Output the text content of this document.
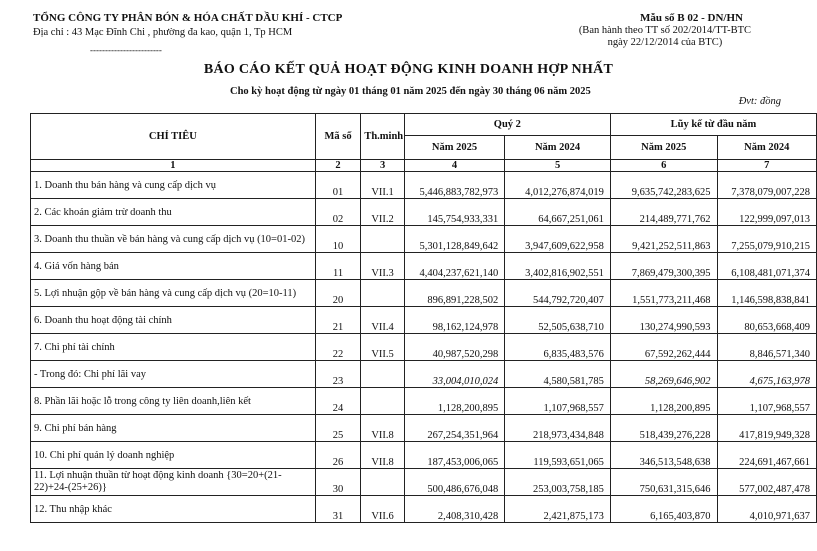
TỔNG CÔNG TY PHÂN BÓN & HÓA CHẤT DẦU KHÍ - CTCP
Địa chỉ : 43 Mạc Đĩnh Chi , phường đa kao, quận 1, Tp HCM
------------------------
Mẫu số B 02 - DN/HN
(Ban hành theo TT số 202/2014/TT-BTC
ngày 22/12/2014 của BTC)
BÁO CÁO KẾT QUẢ HOẠT ĐỘNG KINH DOANH HỢP NHẤT
Cho kỳ hoạt động từ ngày 01 tháng 01 năm 2025 đến ngày 30 tháng 06 năm 2025
Đvt: đồng
CHỈ TIÊU	Mã số	Th.minh	Quý 2		Lũy kế từ đầu năm	
			Năm 2025	Năm 2024	Năm 2025	Năm 2024
1	2	3	4	5	6	7
1. Doanh thu bán hàng và cung cấp dịch vụ	01	VII.1	5,446,883,782,973	4,012,276,874,019	9,635,742,283,625	7,378,079,007,228
2. Các khoản giảm trừ doanh thu	02	VII.2	145,754,933,331	64,667,251,061	214,489,771,762	122,999,097,013
3. Doanh thu thuần về bán hàng và cung cấp dịch vụ (10=01-02)	10		5,301,128,849,642	3,947,609,622,958	9,421,252,511,863	7,255,079,910,215
4. Giá vốn hàng bán	11	VII.3	4,404,237,621,140	3,402,816,902,551	7,869,479,300,395	6,108,481,071,374
5. Lợi nhuận gộp về bán hàng và cung cấp dịch vụ (20=10-11)	20		896,891,228,502	544,792,720,407	1,551,773,211,468	1,146,598,838,841
6. Doanh thu hoạt động tài chính	21	VII.4	98,162,124,978	52,505,638,710	130,274,990,593	80,653,668,409
7. Chi phí tài chính	22	VII.5	40,987,520,298	6,835,483,576	67,592,262,444	8,846,571,340
- Trong đó: Chi phí lãi vay	23		33,004,010,024	4,580,581,785	58,269,646,902	4,675,163,978
8. Phần lãi hoặc lỗ trong công ty liên doanh,liên kết	24		1,128,200,895	1,107,968,557	1,128,200,895	1,107,968,557
9. Chi phí bán hàng	25	VII.8	267,254,351,964	218,973,434,848	518,439,276,228	417,819,949,328
10. Chi phí quản lý doanh nghiệp	26	VII.8	187,453,006,065	119,593,651,065	346,513,548,638	224,691,467,661
11. Lợi nhuận thuần từ hoạt động kinh doanh {30=20+(21-22)+24-(25+26)}	30		500,486,676,048	253,003,758,185	750,631,315,646	577,002,487,478
12. Thu nhập khác	31	VII.6	2,408,310,428	2,421,875,173	6,165,403,870	4,010,971,637
